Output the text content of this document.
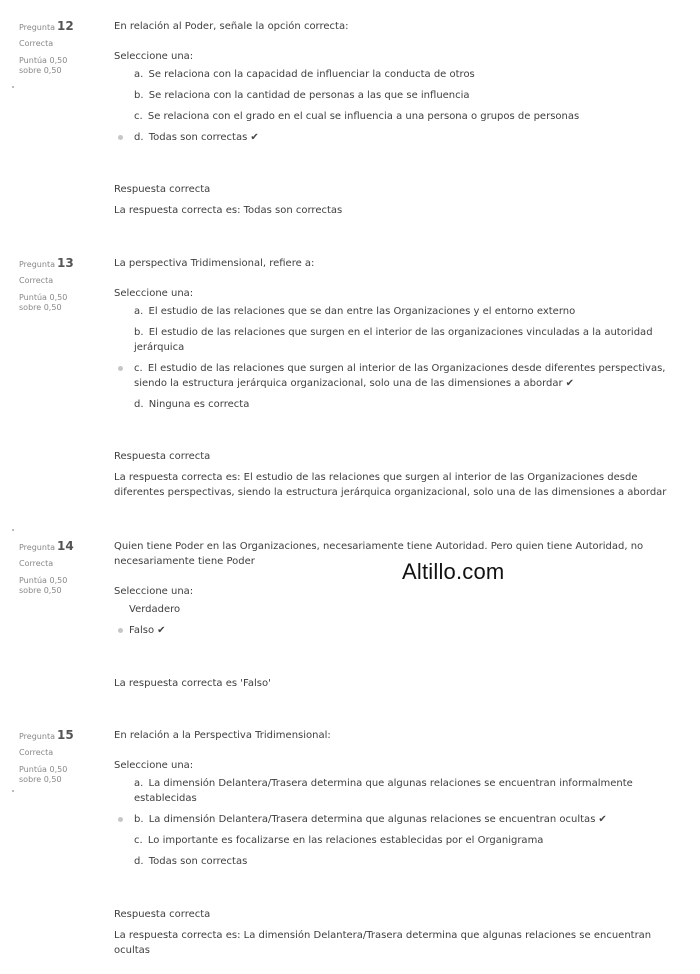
Pregunta 12
Correcta
Puntúa 0,50 sobre 0,50

En relación al Poder, señale la opción correcta:

Seleccione una:

a. Se relaciona con la capacidad de influenciar la conducta de otros
b. Se relaciona con la cantidad de personas a las que se influencia
c. Se relaciona con el grado en el cual se influencia a una persona o grupos de personas
d. Todas son correctas ✔

Respuesta correcta

La respuesta correcta es: Todas son correctas

Pregunta 13
Correcta
Puntúa 0,50 sobre 0,50

La perspectiva Tridimensional, refiere a:

Seleccione una:

a. El estudio de las relaciones que se dan entre las Organizaciones y el entorno externo
b. El estudio de las relaciones que surgen en el interior de las organizaciones vinculadas a la autoridad jerárquica
c. El estudio de las relaciones que surgen al interior de las Organizaciones desde diferentes perspectivas, siendo la estructura jerárquica organizacional, solo una de las dimensiones a abordar ✔
d. Ninguna es correcta

Respuesta correcta

La respuesta correcta es: El estudio de las relaciones que surgen al interior de las Organizaciones desde diferentes perspectivas, siendo la estructura jerárquica organizacional, solo una de las dimensiones a abordar

Pregunta 14
Correcta
Puntúa 0,50 sobre 0,50

Quien tiene Poder en las Organizaciones, necesariamente tiene Autoridad. Pero quien tiene Autoridad, no necesariamente tiene Poder

Seleccione una:

Verdadero
Falso ✔

La respuesta correcta es 'Falso'

Altillo.com
Pregunta 15
Correcta
Puntúa 0,50 sobre 0,50

En relación a la Perspectiva Tridimensional:

Seleccione una:

a. La dimensión Delantera/Trasera determina que algunas relaciones se encuentran informalmente establecidas
b. La dimensión Delantera/Trasera determina que algunas relaciones se encuentran ocultas ✔
c. Lo importante es focalizarse en las relaciones establecidas por el Organigrama
d. Todas son correctas

Respuesta correcta

La respuesta correcta es: La dimensión Delantera/Trasera determina que algunas relaciones se encuentran ocultas
